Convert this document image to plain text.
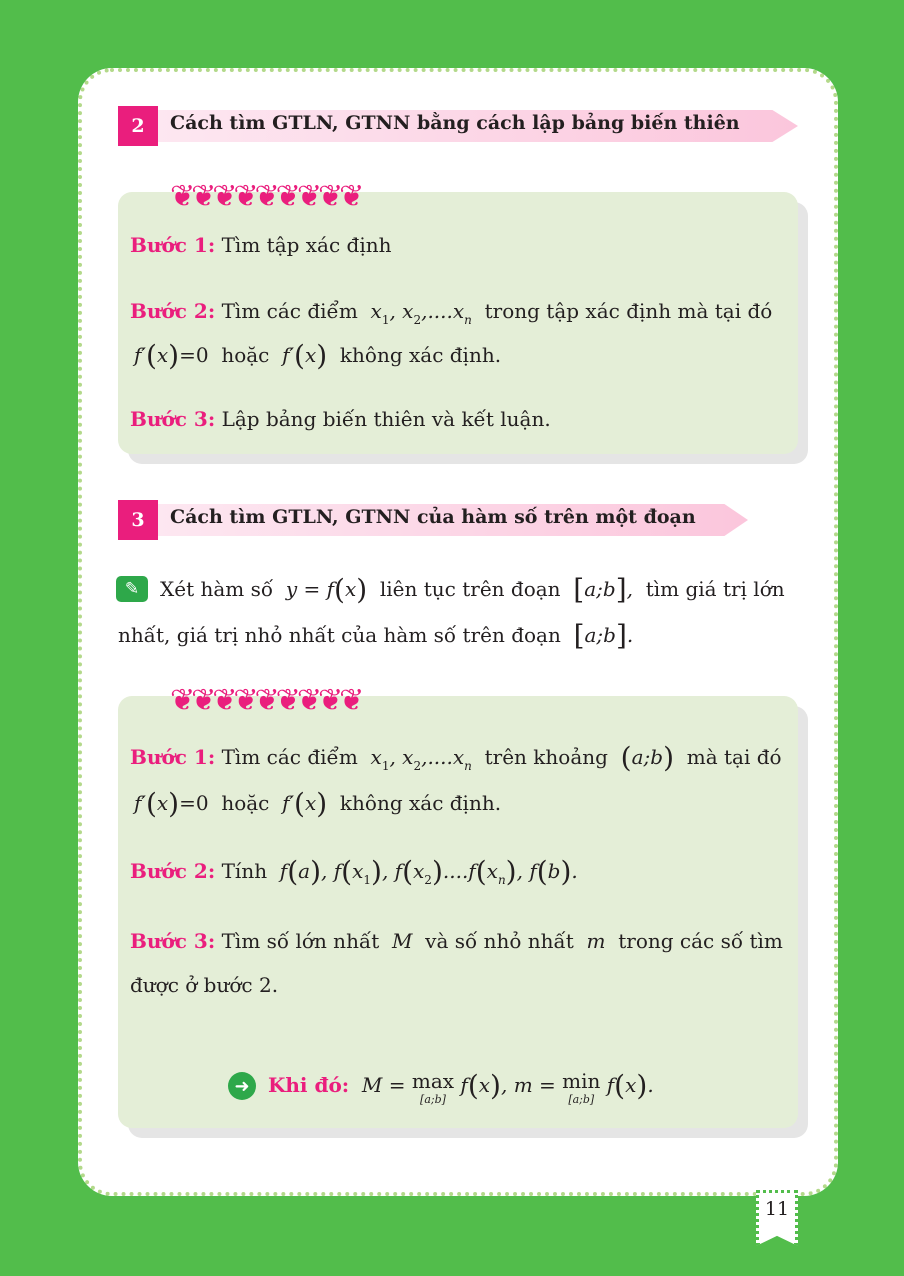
2	Cách tìm GTLN, GTNN bằng cách lập bảng biến thiên
❦❦❦❦❦❦❦❦❦
Bước 1: Tìm tập xác định
Bước 2: Tìm các điểm  $x_1$, $x_2,....x_n$ trong tập xác định mà tại đó
f′(x)=0 hoặc  f′(x) không xác định.
Bước 3: Lập bảng biến thiên và kết luận.
3	Cách tìm GTLN, GTNN của hàm số trên một đoạn
✎	Xét hàm số  y = f(x) liên tục trên đoạn [a;b],  tìm giá trị lớn
nhất, giá trị nhỏ nhất của hàm số trên đoạn [a;b].
❦❦❦❦❦❦❦❦❦
Bước 1: Tìm các điểm  $x_1$, $x_2,....x_n$ trên khoảng (a;b) mà tại đó
f′(x)=0 hoặc  f′(x) không xác định.
Bước 2: Tính  f(a), $f(x_1)$, $f(x_2)....f(x_n)$, f(b).
Bước 3: Tìm số lớn nhất  M  và số nhỏ nhất  m  trong các số tìm
được ở bước 2.
➜ Khi đó:  M = max
[a;b]
f(x), m = min
[a;b]
f(x).
11
